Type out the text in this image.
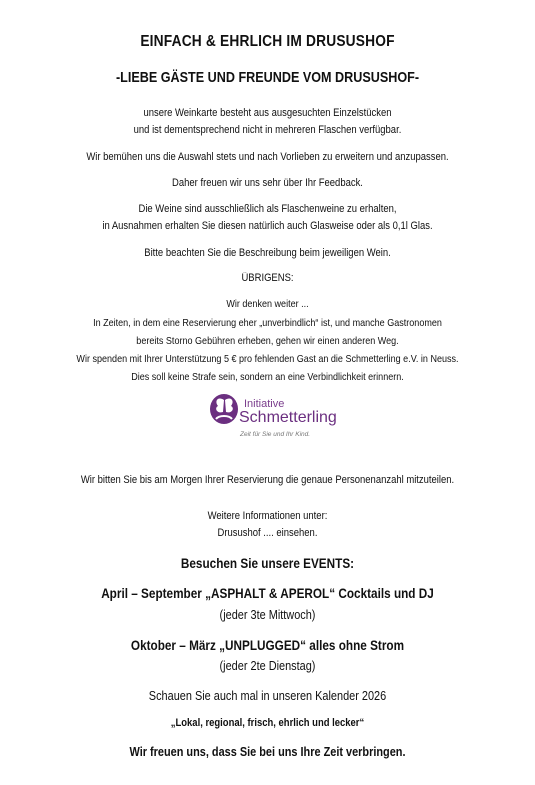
EINFACH & EHRLICH IM DRUSUSHOF
-LIEBE GÄSTE UND FREUNDE VOM DRUSUSHOF-
unsere Weinkarte besteht aus ausgesuchten Einzelstücken
und ist dementsprechend nicht in mehreren Flaschen verfügbar.
Wir bemühen uns die Auswahl stets und nach Vorlieben zu erweitern und anzupassen.
Daher freuen wir uns sehr über Ihr Feedback.
Die Weine sind ausschließlich als Flaschenweine zu erhalten,
in Ausnahmen erhalten Sie diesen natürlich auch Glasweise oder als 0,1l Glas.
Bitte beachten Sie die Beschreibung beim jeweiligen Wein.
ÜBRIGENS:
Wir denken weiter ...
In Zeiten, in dem eine Reservierung eher „unverbindlich“ ist, und manche Gastronomen
bereits Storno Gebühren erheben, gehen wir einen anderen Weg.
Wir spenden mit Ihrer Unterstützung 5 € pro fehlenden Gast an die Schmetterling e.V. in Neuss.
Dies soll keine Strafe sein, sondern an eine Verbindlichkeit erinnern.
Initiative
Schmetterling
Zeit für Sie und Ihr Kind.
Wir bitten Sie bis am Morgen Ihrer Reservierung die genaue Personenanzahl mitzuteilen.
Weitere Informationen unter:
Drusushof .... einsehen.
Besuchen Sie unsere EVENTS:
April – September „ASPHALT & APEROL“ Cocktails und DJ
(jeder 3te Mittwoch)
Oktober – März „UNPLUGGED“ alles ohne Strom
(jeder 2te Dienstag)
Schauen Sie auch mal in unseren Kalender 2026
„Lokal, regional, frisch, ehrlich und lecker“
Wir freuen uns, dass Sie bei uns Ihre Zeit verbringen.
